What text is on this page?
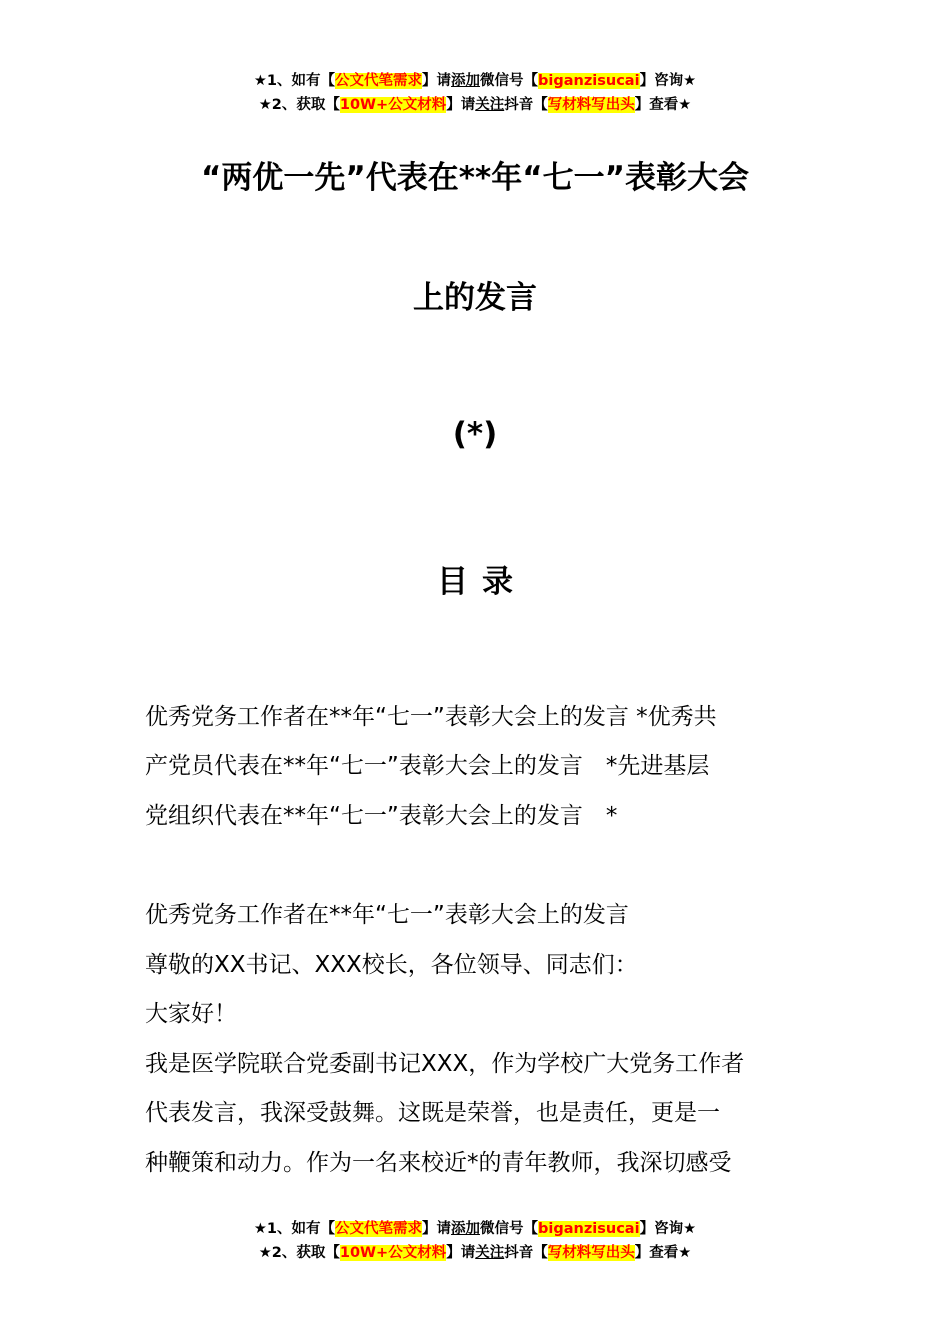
★1、如有【公文代笔需求】请添加微信号【biganzisucai】咨询★
★2、获取【10W+公文材料】请关注抖音【写材料写出头】查看★
“两优一先”代表在**年“七一”表彰大会
上的发言
(*)
目录
优秀党务工作者在**年“七一”表彰大会上的发言 *优秀共
产党员代表在**年“七一”表彰大会上的发言　*先进基层
党组织代表在**年“七一”表彰大会上的发言　*
优秀党务工作者在**年“七一”表彰大会上的发言
尊敬的XX书记、XXX校长，各位领导、同志们：
大家好！
我是医学院联合党委副书记XXX，作为学校广大党务工作者
代表发言，我深受鼓舞。这既是荣誉，也是责任，更是一
种鞭策和动力。作为一名来校近*的青年教师，我深切感受
★1、如有【公文代笔需求】请添加微信号【biganzisucai】咨询★
★2、获取【10W+公文材料】请关注抖音【写材料写出头】查看★
